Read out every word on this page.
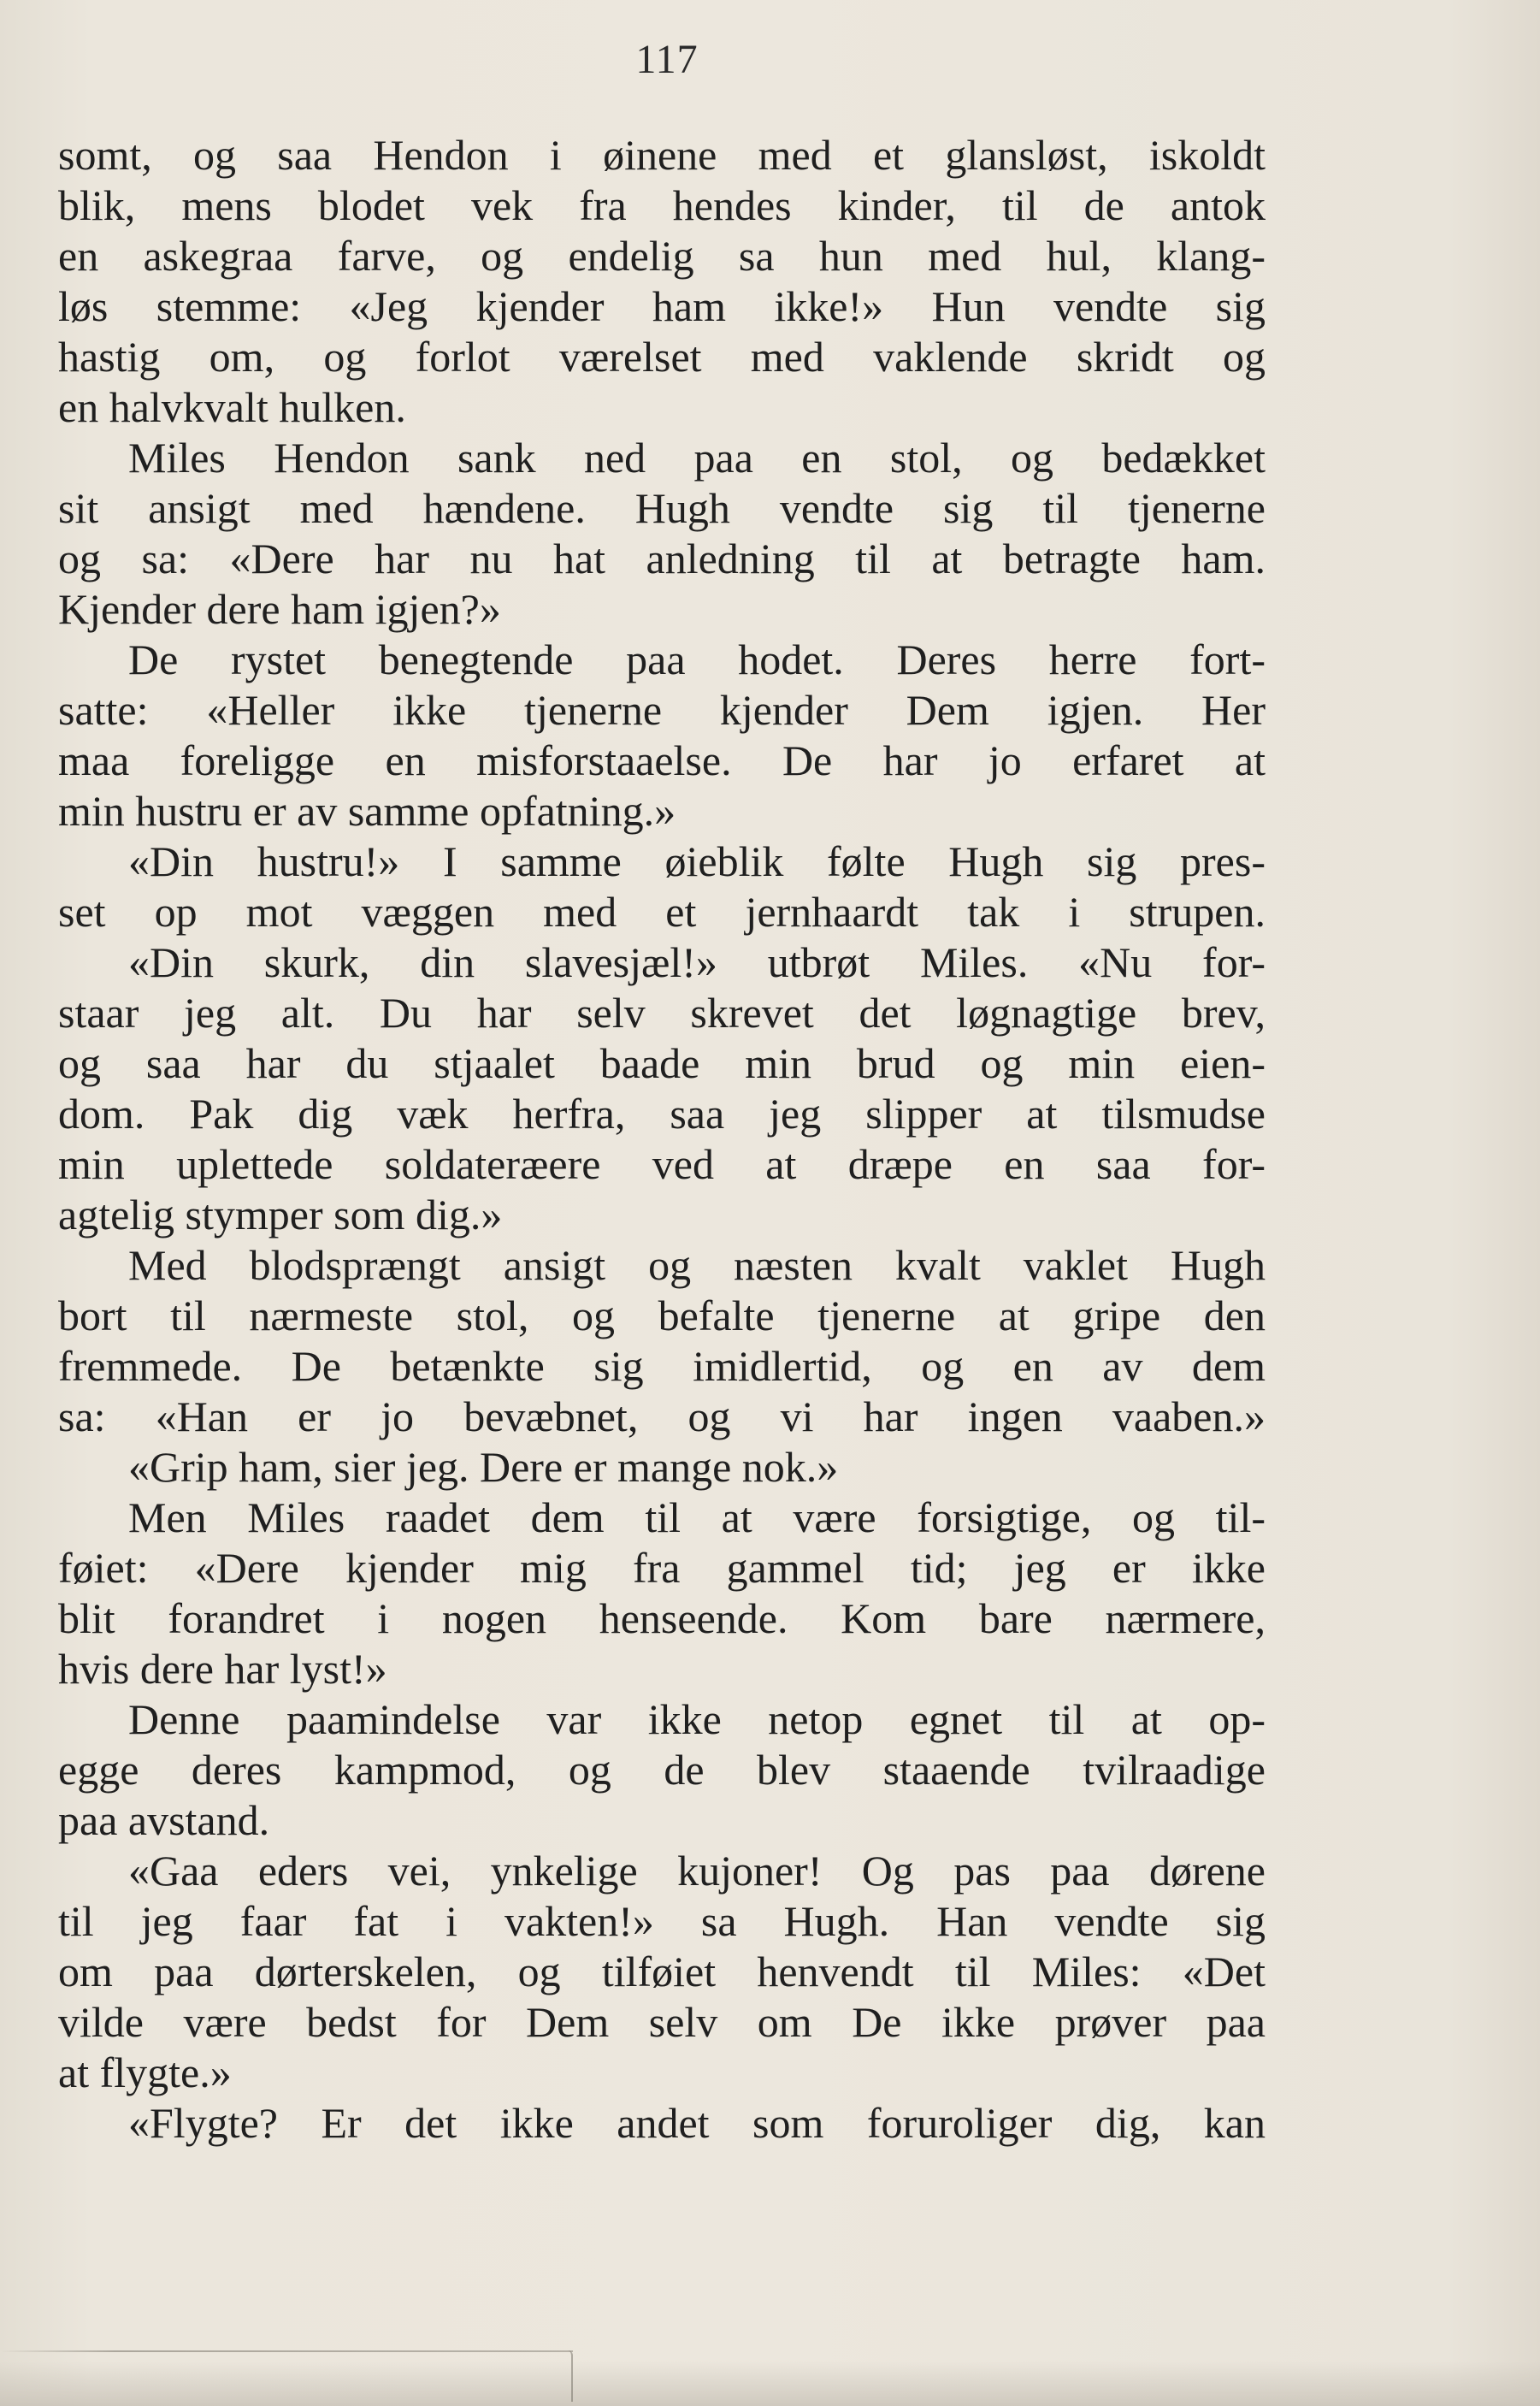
117
somt, og saa Hendon i øinene med et glansløst, iskoldt
blik, mens blodet vek fra hendes kinder, til de antok
en askegraa farve, og endelig sa hun med hul, klang-
løs stemme: «Jeg kjender ham ikke!» Hun vendte sig
hastig om, og forlot værelset med vaklende skridt og
en halvkvalt hulken.
Miles Hendon sank ned paa en stol, og bedækket
sit ansigt med hændene. Hugh vendte sig til tjenerne
og sa: «Dere har nu hat anledning til at betragte ham.
Kjender dere ham igjen?»
De rystet benegtende paa hodet. Deres herre fort-
satte: «Heller ikke tjenerne kjender Dem igjen. Her
maa foreligge en misforstaaelse. De har jo erfaret at
min hustru er av samme opfatning.»
«Din hustru!» I samme øieblik følte Hugh sig pres-
set op mot væggen med et jernhaardt tak i strupen.
«Din skurk, din slavesjæl!» utbrøt Miles. «Nu for-
staar jeg alt. Du har selv skrevet det løgnagtige brev,
og saa har du stjaalet baade min brud og min eien-
dom. Pak dig væk herfra, saa jeg slipper at tilsmudse
min uplettede soldateræere ved at dræpe en saa for-
agtelig stymper som dig.»
Med blodsprængt ansigt og næsten kvalt vaklet Hugh
bort til nærmeste stol, og befalte tjenerne at gripe den
fremmede. De betænkte sig imidlertid, og en av dem
sa: «Han er jo bevæbnet, og vi har ingen vaaben.»
«Grip ham, sier jeg. Dere er mange nok.»
Men Miles raadet dem til at være forsigtige, og til-
føiet: «Dere kjender mig fra gammel tid; jeg er ikke
blit forandret i nogen henseende. Kom bare nærmere,
hvis dere har lyst!»
Denne paamindelse var ikke netop egnet til at op-
egge deres kampmod, og de blev staaende tvilraadige
paa avstand.
«Gaa eders vei, ynkelige kujoner! Og pas paa dørene
til jeg faar fat i vakten!» sa Hugh. Han vendte sig
om paa dørterskelen, og tilføiet henvendt til Miles: «Det
vilde være bedst for Dem selv om De ikke prøver paa
at flygte.»
«Flygte? Er det ikke andet som foruroliger dig, kan
